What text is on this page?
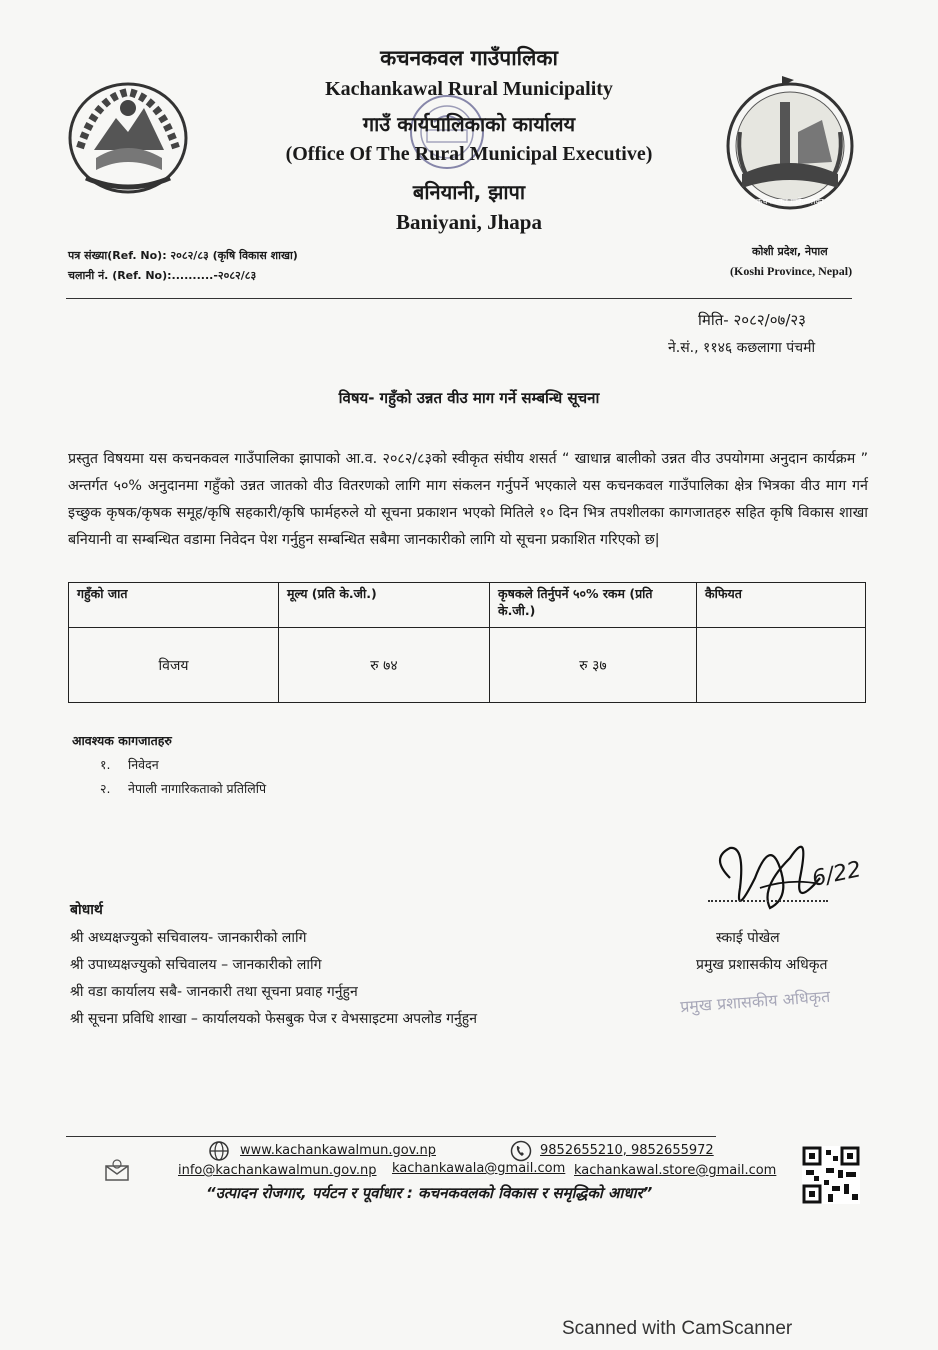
कचनकवल गाउँपालिका
कचनकवल गाउँपालिका
Kachankawal Rural Municipality
गाउँ कार्यपालिकाको कार्यालय
(Office Of The Rural Municipal Executive)
बनियानी, झापा
Baniyani, Jhapa
पत्र संख्या(Ref. No): २०८२/८३ (कृषि विकास शाखा)
चलानी नं. (Ref. No):..........-२०८२/८३
कोशी प्रदेश, नेपाल
(Koshi Province, Nepal)
मिति- २०८२/०७/२३
ने.सं., ११४६ कछलागा पंचमी
विषय- गहुँको उन्नत वीउ माग गर्ने सम्बन्धि सूचना
प्रस्तुत विषयमा यस कचनकवल गाउँपालिका झापाको आ.व. २०८२/८३को स्वीकृत संघीय शसर्त “ खाधान्न बालीको उन्नत वीउ उपयोगमा अनुदान कार्यक्रम ” अन्तर्गत ५०% अनुदानमा गहुँको उन्नत जातको वीउ वितरणको लागि माग संकलन गर्नुपर्ने भएकाले यस कचनकवल गाउँपालिका क्षेत्र भित्रका वीउ माग गर्न इच्छुक कृषक/कृषक समूह/कृषि सहकारी/कृषि फार्महरुले यो सूचना प्रकाशन भएको मितिले १० दिन भित्र तपशीलका कागजातहरु सहित कृषि विकास शाखा बनियानी वा सम्बन्धित वडामा निवेदन पेश गर्नुहुन सम्बन्धित सबैमा जानकारीको लागि यो सूचना प्रकाशित गरिएको छ|
गहुँको जात	मूल्य (प्रति के.जी.)	कृषकले तिर्नुपर्ने ५०% रकम (प्रति के.जी.)	कैफियत
विजय	रु ७४	रु ३७	
आवश्यक कागजातहरु
१. निवेदन
२. नेपाली नागारिकताको प्रतिलिपि
बोधार्थ
श्री अध्यक्षज्युको सचिवालय- जानकारीको लागि
श्री उपाध्यक्षज्युको सचिवालय – जानकारीको लागि
श्री वडा कार्यालय सबै- जानकारी तथा सूचना प्रवाह गर्नुहुन
श्री सूचना प्रविधि शाखा – कार्यालयको फेसबुक पेज र वेभसाइटमा अपलोड गर्नुहुन
6/22
स्काई पोखेल
प्रमुख प्रशासकीय अधिकृत
प्रमुख प्रशासकीय अधिकृत
www.kachankawalmun.gov.np	9852655210, 9852655972
info@kachankawalmun.gov.np kachankawala@gmail.com kachankawal.store@gmail.com
“उत्पादन रोजगार, पर्यटन र पूर्वाधार : कचनकवलको विकास र समृद्धिको आधार”
Scanned with CamScanner
